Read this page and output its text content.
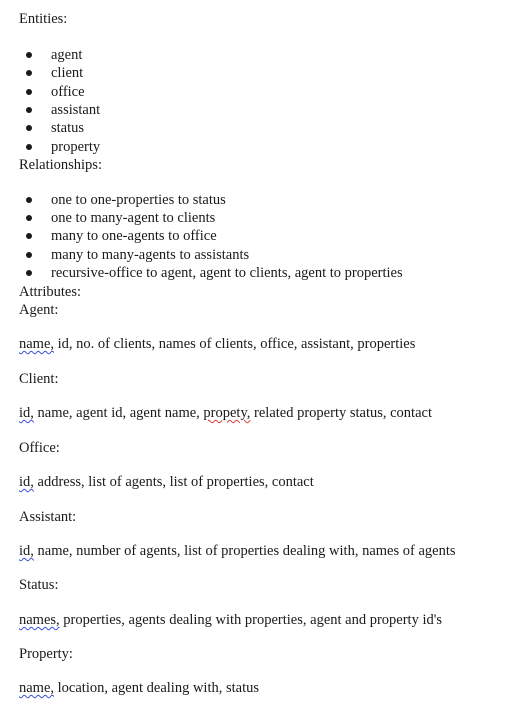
Entities:
agent
client
office
assistant
status
property
Relationships:
one to one-properties to status
one to many-agent to clients
many to one-agents to office
many to many-agents to assistants
recursive-office to agent, agent to clients, agent to properties
Attributes:
Agent:
name, id, no. of clients, names of clients, office, assistant, properties
Client:
id, name, agent id, agent name, propety, related property status, contact
Office:
id, address, list of agents, list of properties, contact
Assistant:
id, name, number of agents, list of properties dealing with, names of agents
Status:
names, properties, agents dealing with properties, agent and property id's
Property:
name, location, agent dealing with, status
